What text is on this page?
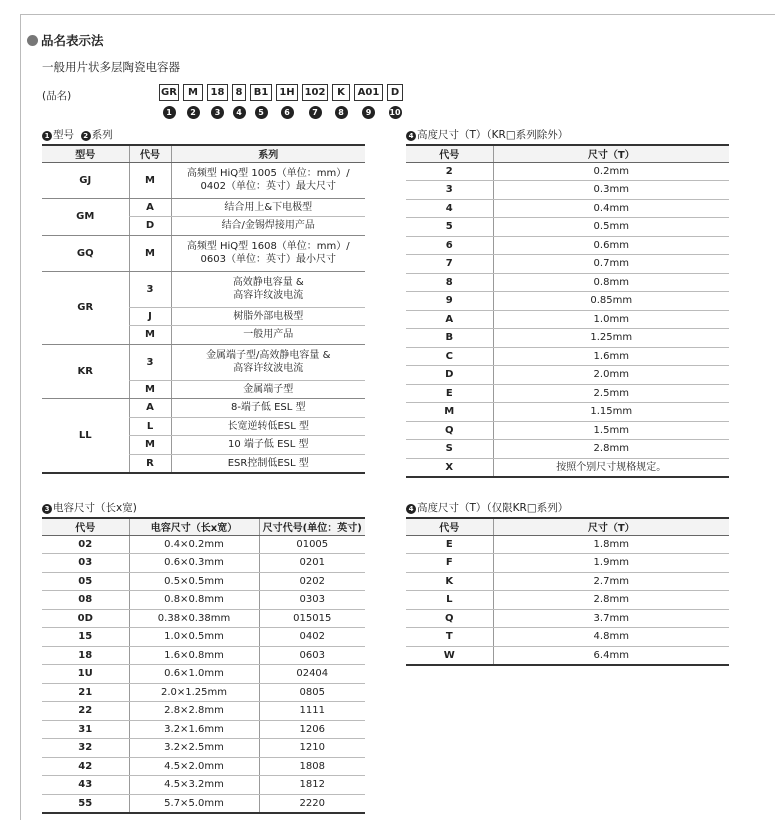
品名表示法
一般用片状多层陶瓷电容器
(品名)	GR
1
M
2
18
3
8
4
B1
5
1H
6
102
7
K
8
A01
9
D
10
1 型号 2 系列
型号	代号	系列
GJ	M	高频型 HiQ型 1005（单位：mm）/
0402（单位：英寸）最大尺寸

GM	A	结合用上&下电极型

	D	结合/金锡焊接用产品

GQ	M	高频型 HiQ型 1608（单位：mm）/
0603（单位：英寸）最小尺寸

GR	3	高效静电容量 &
高容许纹波电流

	J	树脂外部电极型

	M	一般用产品

KR	3	金属端子型/高效静电容量 &
高容许纹波电流

	M	金属端子型

LL	A	8-端子低 ESL 型

	L	长宽逆转低ESL 型

	M	10 端子低 ESL 型

	R	ESR控制低ESL 型
3 电容尺寸（长x宽)
代号	电容尺寸（长x宽）	尺寸代号(单位：英寸)
02	0.4×0.2mm	01005
03	0.6×0.3mm	0201
05	0.5×0.5mm	0202
08	0.8×0.8mm	0303
0D	0.38×0.38mm	015015
15	1.0×0.5mm	0402
18	1.6×0.8mm	0603
1U	0.6×1.0mm	02404
21	2.0×1.25mm	0805
22	2.8×2.8mm	1111
31	3.2×1.6mm	1206
32	3.2×2.5mm	1210
42	4.5×2.0mm	1808
43	4.5×3.2mm	1812
55	5.7×5.0mm	2220
4 高度尺寸（T）（KR□系列除外）
代号	尺寸（T）
2	0.2mm
3	0.3mm
4	0.4mm
5	0.5mm
6	0.6mm
7	0.7mm
8	0.8mm
9	0.85mm
A	1.0mm
B	1.25mm
C	1.6mm
D	2.0mm
E	2.5mm
M	1.15mm
Q	1.5mm
S	2.8mm
X	按照个别尺寸规格规定。
4 高度尺寸（T）（仅限KR□系列）
代号	尺寸（T）
E	1.8mm
F	1.9mm
K	2.7mm
L	2.8mm
Q	3.7mm
T	4.8mm
W	6.4mm
